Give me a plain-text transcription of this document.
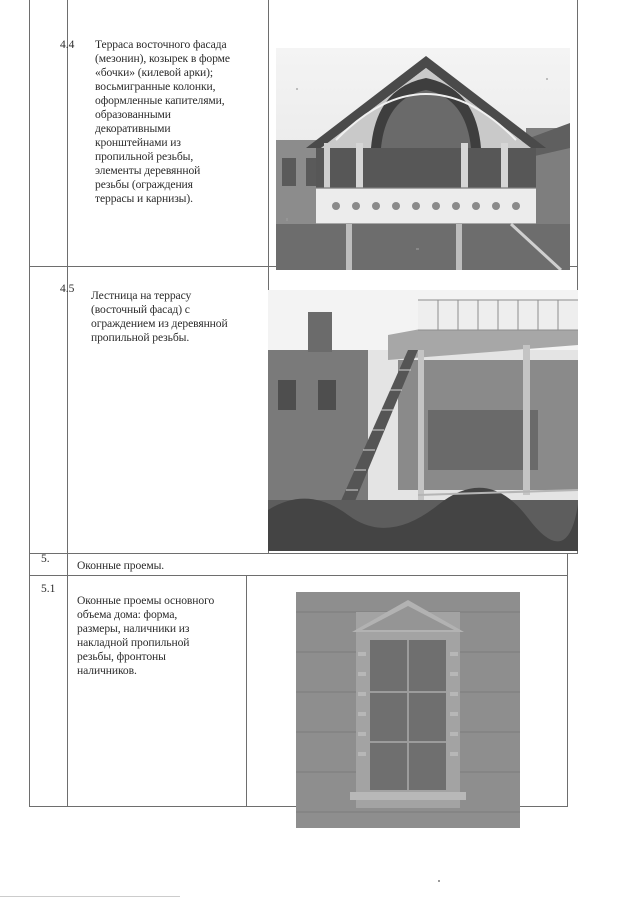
4.4 Терраса восточного фасада
(мезонин), козырек в форме
«бочки» (килевой арки);
восьмигранные колонки,
оформленные капителями,
образованными
декоративными
кронштейнами из
пропильной резьбы,
элементы деревянной
резьбы (ограждения
террасы и карнизы).
4.5 Лестница на террасу
(восточный фасад) с
ограждением из деревянной
пропильной резьбы.
5. Оконные проемы.
5.1
Оконные проемы основного
объема дома: форма,
размеры, наличники из
накладной пропильной
резьбы, фронтоны
наличников.
